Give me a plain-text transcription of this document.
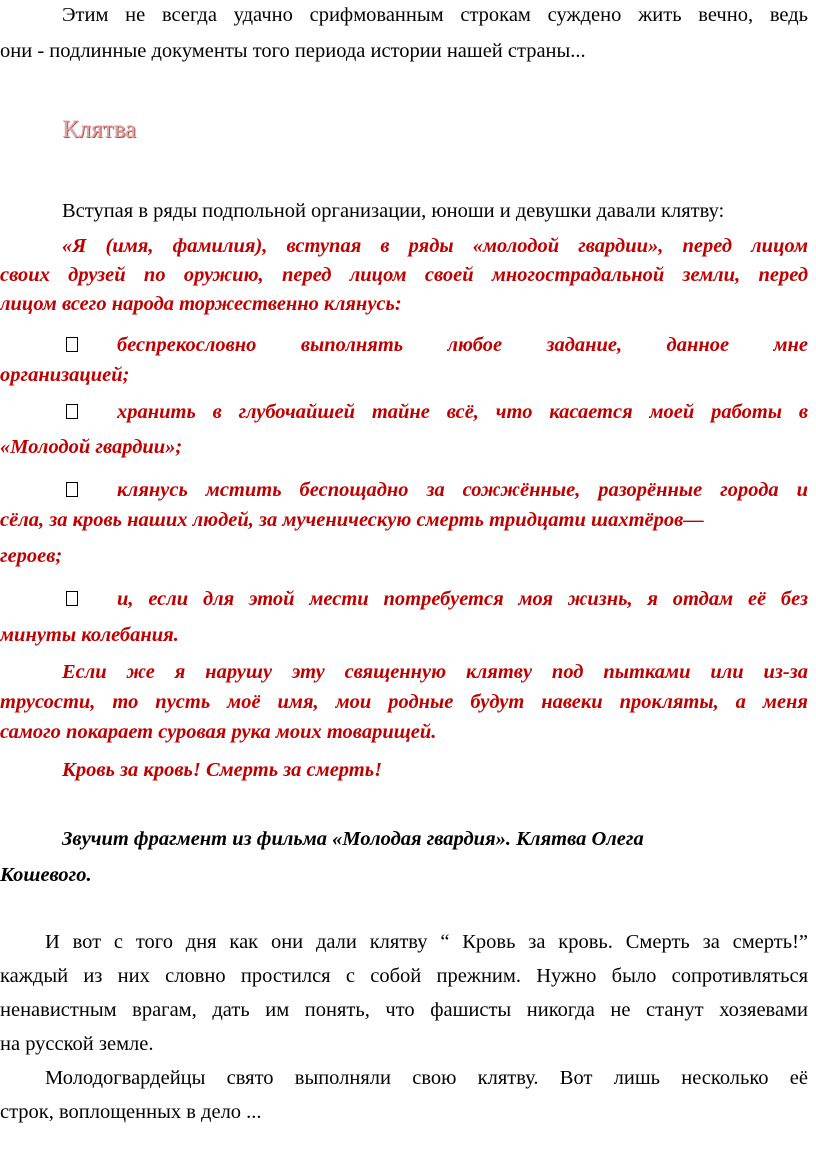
Этим не всегда удачно срифмованным строкам суждено жить вечно, ведь
они - подлинные документы того периода истории нашей страны...
Клятва
Вступая в ряды подпольной организации, юноши и девушки давали клятву:
«Я (имя, фамилия), вступая в ряды «молодой гвардии», перед лицом
своих друзей по оружию, перед лицом своей многострадальной земли, перед
лицом всего народа торжественно клянусь:
беспрекословно выполнять любое задание, данное мне
организацией;
хранить в глубочайшей тайне всё, что касается моей работы в
«Молодой гвардии»;
клянусь мстить беспощадно за сожжённые, разорённые города и
сёла, за кровь наших людей, за мученическую смерть тридцати шахтёров—
героев;
и, если для этой мести потребуется моя жизнь, я отдам её без
минуты колебания.
Если же я нарушу эту священную клятву под пытками или из-за
трусости, то пусть моё имя, мои родные будут навеки прокляты, а меня
самого покарает суровая рука моих товарищей.
Кровь за кровь! Смерть за смерть!
Звучит фрагмент из фильма «Молодая гвардия». Клятва Олега
Кошевого.
И вот с того дня как они дали клятву “ Кровь за кровь. Смерть за смерть!”
каждый из них словно простился с собой прежним. Нужно было сопротивляться
ненавистным врагам, дать им понять, что фашисты никогда не станут хозяевами
на русской земле.
Молодогвардейцы свято выполняли свою клятву. Вот лишь несколько её
строк, воплощенных в дело ...
